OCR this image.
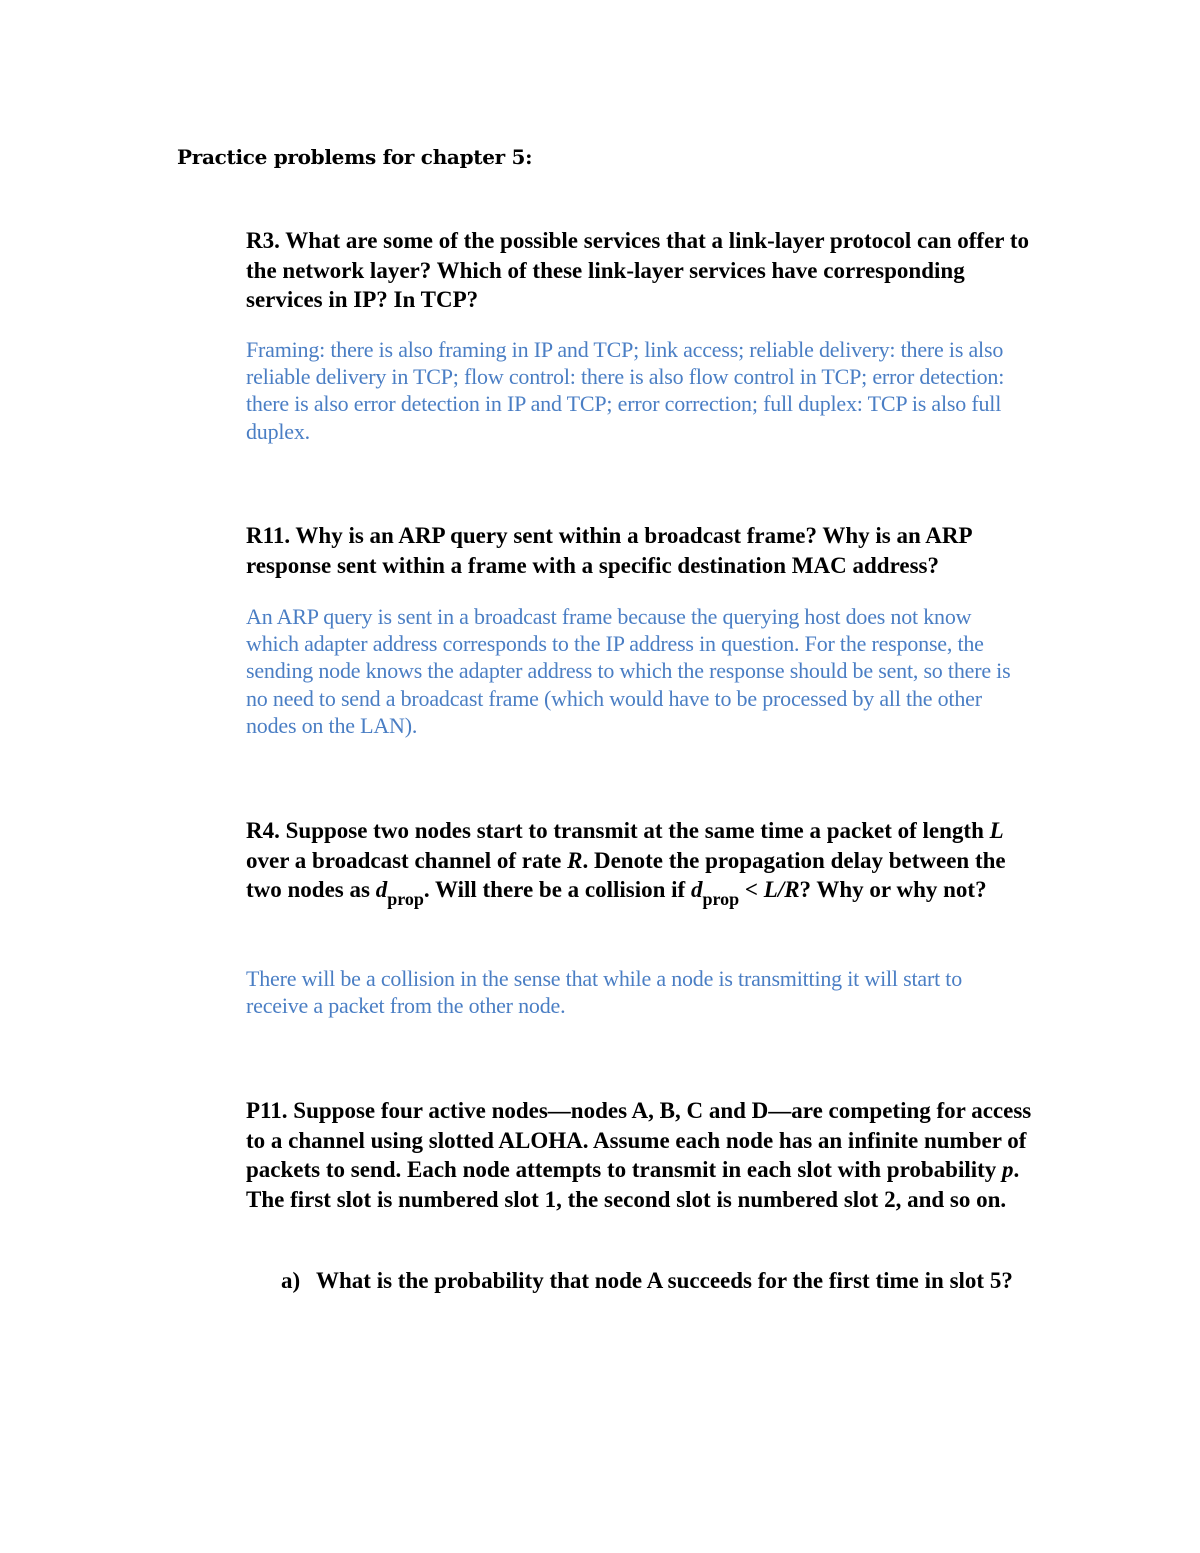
Practice problems for chapter 5:
R3. What are some of the possible services that a link-layer protocol can offer to the network layer? Which of these link-layer services have corresponding services in IP? In TCP?
Framing: there is also framing in IP and TCP; link access; reliable delivery: there is also reliable delivery in TCP; flow control: there is also flow control in TCP; error detection: there is also error detection in IP and TCP; error correction; full duplex: TCP is also full duplex.
R11. Why is an ARP query sent within a broadcast frame? Why is an ARP response sent within a frame with a specific destination MAC address?
An ARP query is sent in a broadcast frame because the querying host does not know which adapter address corresponds to the IP address in question. For the response, the sending node knows the adapter address to which the response should be sent, so there is no need to send a broadcast frame (which would have to be processed by all the other nodes on the LAN).
R4. Suppose two nodes start to transmit at the same time a packet of length L over a broadcast channel of rate R. Denote the propagation delay between the two nodes as $d_{prop}$. Will there be a collision if $d_{prop} < L/R$? Why or why not?
There will be a collision in the sense that while a node is transmitting it will start to receive a packet from the other node.
P11. Suppose four active nodes—nodes A, B, C and D—are competing for access to a channel using slotted ALOHA. Assume each node has an infinite number of packets to send. Each node attempts to transmit in each slot with probability p. The first slot is numbered slot 1, the second slot is numbered slot 2, and so on.
a) What is the probability that node A succeeds for the first time in slot 5?
